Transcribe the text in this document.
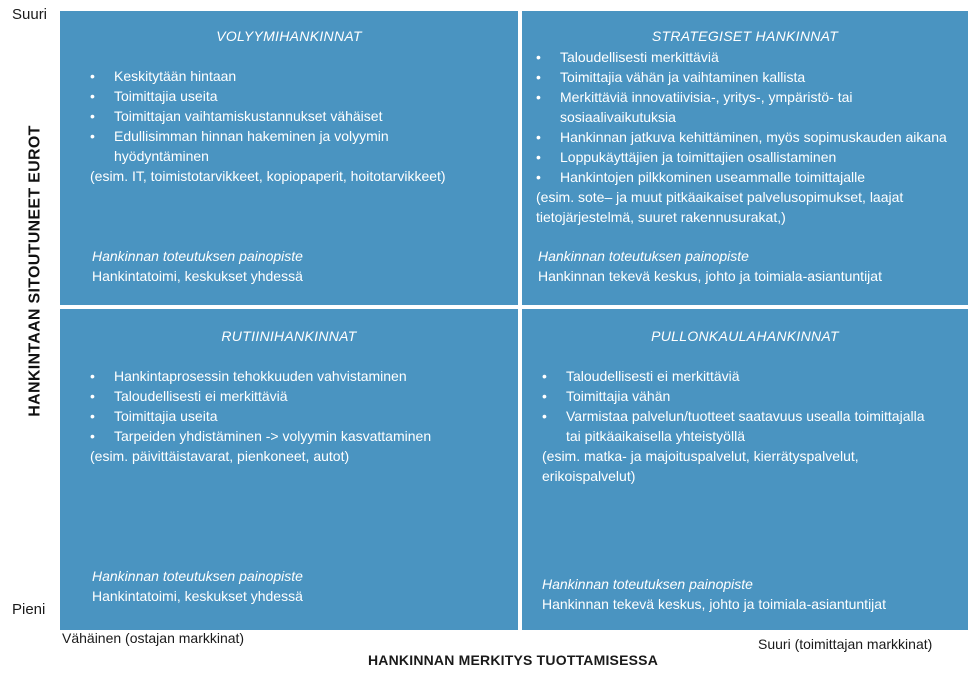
Suuri
HANKINTAAN SITOUTUNEET EUROT
Pieni
VOLYYMIHANKINNAT
• Keskitytään hintaan
• Toimittajia useita
• Toimittajan vaihtamiskustannukset vähäiset
• Edullisimman hinnan hakeminen ja volyymin hyödyntäminen
(esim. IT, toimistotarvikkeet, kopiopaperit, hoitotarvikkeet)
Hankinnan toteutuksen painopiste
Hankintatoimi, keskukset yhdessä
STRATEGISET HANKINNAT
• Taloudellisesti merkittäviä
• Toimittajia vähän ja vaihtaminen kallista
• Merkittäviä innovatiivisia-, yritys-, ympäristö- tai sosiaalivaikutuksia
• Hankinnan jatkuva kehittäminen, myös sopimuskauden aikana
• Loppukäyttäjien ja toimittajien osallistaminen
• Hankintojen pilkkominen useammalle toimittajalle
(esim. sote– ja muut pitkäaikaiset palvelusopimukset, laajat tietojärjestelmä, suuret rakennusurakat,)
Hankinnan toteutuksen painopiste
Hankinnan tekevä keskus, johto ja toimiala-asiantuntijat
RUTIINIHANKINNAT
• Hankintaprosessin tehokkuuden vahvistaminen
• Taloudellisesti ei merkittäviä
• Toimittajia useita
• Tarpeiden yhdistäminen -> volyymin kasvattaminen
(esim. päivittäistavarat, pienkoneet, autot)
Hankinnan toteutuksen painopiste
Hankintatoimi, keskukset yhdessä
PULLONKAULAHANKINNAT
• Taloudellisesti ei merkittäviä
• Toimittajia vähän
• Varmistaa palvelun/tuotteet saatavuus usealla toimittajalla tai pitkäaikaisella yhteistyöllä
(esim. matka- ja majoituspalvelut, kierrätyspalvelut, erikoispalvelut)
Hankinnan toteutuksen painopiste
Hankinnan tekevä keskus, johto ja toimiala-asiantuntijat
Vähäinen (ostajan markkinat)	Suuri (toimittajan markkinat)
HANKINNAN MERKITYS TUOTTAMISESSA
